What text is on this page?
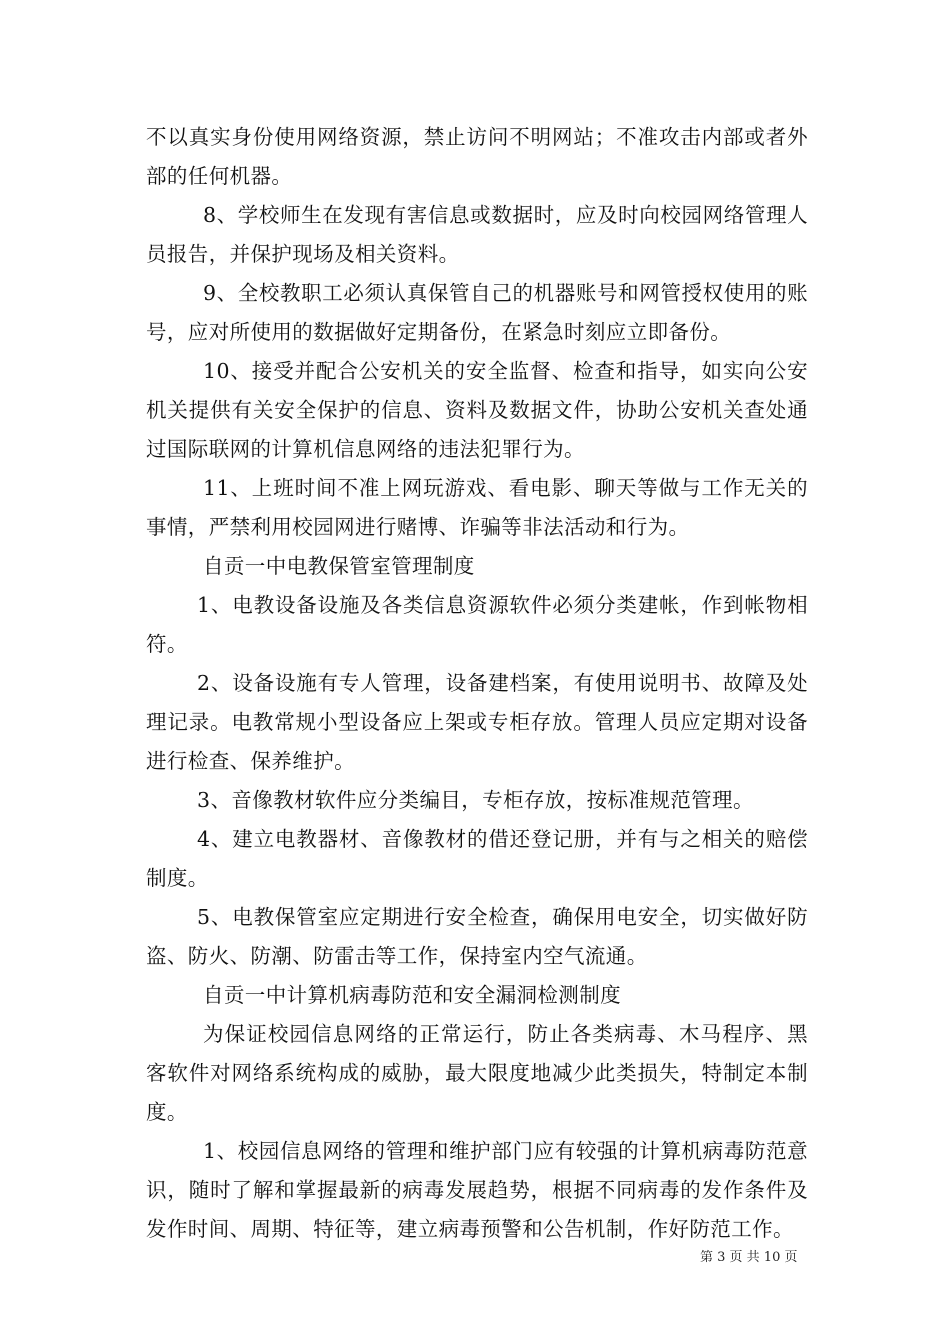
不以真实身份使用网络资源，禁止访问不明网站；不准攻击内部或者外部的任何机器。

8、学校师生在发现有害信息或数据时，应及时向校园网络管理人员报告，并保护现场及相关资料。

9、全校教职工必须认真保管自己的机器账号和网管授权使用的账号，应对所使用的数据做好定期备份，在紧急时刻应立即备份。

10、接受并配合公安机关的安全监督、检查和指导，如实向公安机关提供有关安全保护的信息、资料及数据文件，协助公安机关查处通过国际联网的计算机信息网络的违法犯罪行为。

11、上班时间不准上网玩游戏、看电影、聊天等做与工作无关的事情，严禁利用校园网进行赌博、诈骗等非法活动和行为。

自贡一中电教保管室管理制度

1、电教设备设施及各类信息资源软件必须分类建帐，作到帐物相符。

2、设备设施有专人管理，设备建档案，有使用说明书、故障及处理记录。电教常规小型设备应上架或专柜存放。管理人员应定期对设备进行检查、保养维护。

3、音像教材软件应分类编目，专柜存放，按标准规范管理。

4、建立电教器材、音像教材的借还登记册，并有与之相关的赔偿制度。

5、电教保管室应定期进行安全检查，确保用电安全，切实做好防盗、防火、防潮、防雷击等工作，保持室内空气流通。

自贡一中计算机病毒防范和安全漏洞检测制度

为保证校园信息网络的正常运行，防止各类病毒、木马程序、黑客软件对网络系统构成的威胁，最大限度地减少此类损失，特制定本制度。

1、校园信息网络的管理和维护部门应有较强的计算机病毒防范意识，随时了解和掌握最新的病毒发展趋势，根据不同病毒的发作条件及发作时间、周期、特征等，建立病毒预警和公告机制，作好防范工作。

第 3 页 共 10 页
